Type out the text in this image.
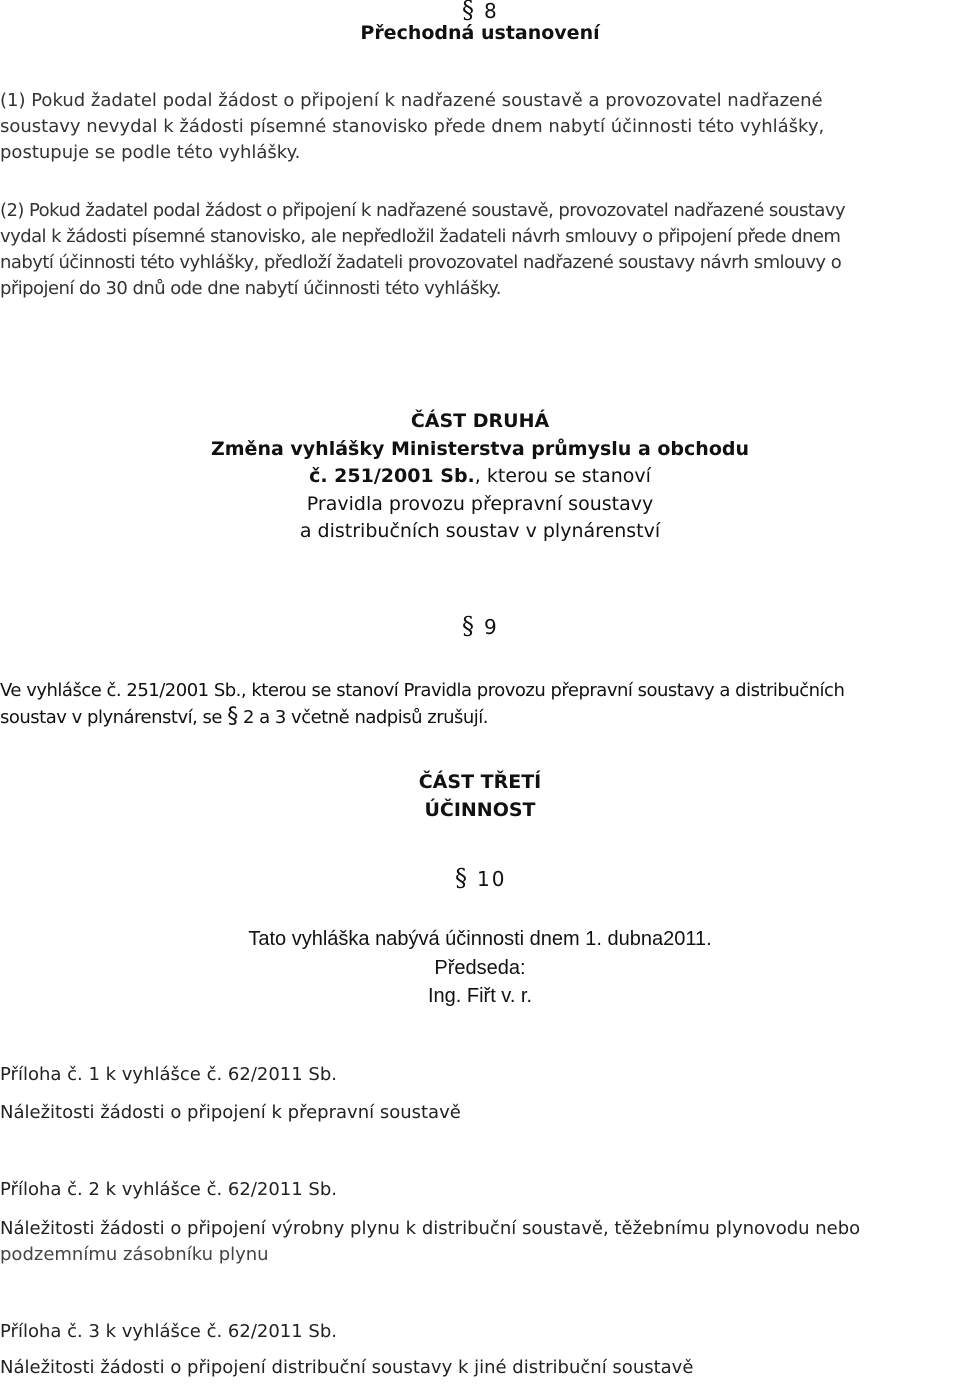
§ 8
Přechodná ustanovení
(1) Pokud žadatel podal žádost o připojení k nadřazené soustavě a provozovatel nadřazené
soustavy nevydal k žádosti písemné stanovisko přede dnem nabytí účinnosti této vyhlášky,
postupuje se podle této vyhlášky.
(2) Pokud žadatel podal žádost o připojení k nadřazené soustavě, provozovatel nadřazené soustavy
vydal k žádosti písemné stanovisko, ale nepředložil žadateli návrh smlouvy o připojení přede dnem
nabytí účinnosti této vyhlášky, předloží žadateli provozovatel nadřazené soustavy návrh smlouvy o
připojení do 30 dnů ode dne nabytí účinnosti této vyhlášky.
ČÁST DRUHÁ
Změna vyhlášky Ministerstva průmyslu a obchodu
č. 251/2001 Sb., kterou se stanoví
Pravidla provozu přepravní soustavy
a distribučních soustav v plynárenství
§ 9
Ve vyhlášce č. 251/2001 Sb., kterou se stanoví Pravidla provozu přepravní soustavy a distribučních
soustav v plynárenství, se § 2 a 3 včetně nadpisů zrušují.
ČÁST TŘETÍ
ÚČINNOST
§ 10
Tato vyhláška nabývá účinnosti dnem 1. dubna2011.
Předseda:
Ing. Fiřt v. r.
Příloha č. 1 k vyhlášce č. 62/2011 Sb.
Náležitosti žádosti o připojení k přepravní soustavě
Příloha č. 2 k vyhlášce č. 62/2011 Sb.
Náležitosti žádosti o připojení výrobny plynu k distribuční soustavě, těžebnímu plynovodu nebo
podzemnímu zásobníku plynu
Příloha č. 3 k vyhlášce č. 62/2011 Sb.
Náležitosti žádosti o připojení distribuční soustavy k jiné distribuční soustavě
